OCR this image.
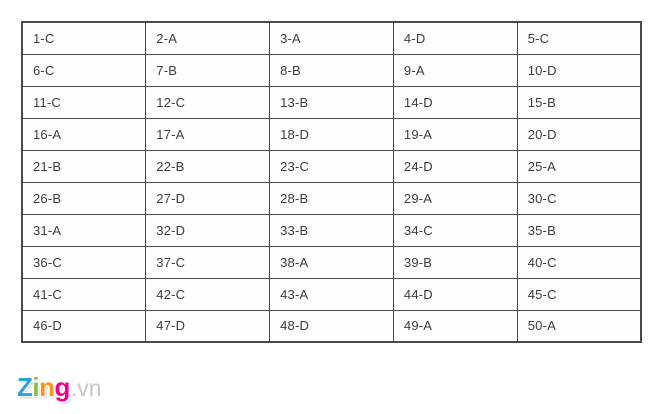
1-C	2-A	3-A	4-D	5-C
6-C	7-B	8-B	9-A	10-D
11-C	12-C	13-B	14-D	15-B
16-A	17-A	18-D	19-A	20-D
21-B	22-B	23-C	24-D	25-A
26-B	27-D	28-B	29-A	30-C
31-A	32-D	33-B	34-C	35-B
36-C	37-C	38-A	39-B	40-C
41-C	42-C	43-A	44-D	45-C
46-D	47-D	48-D	49-A	50-A
Zing.vn
